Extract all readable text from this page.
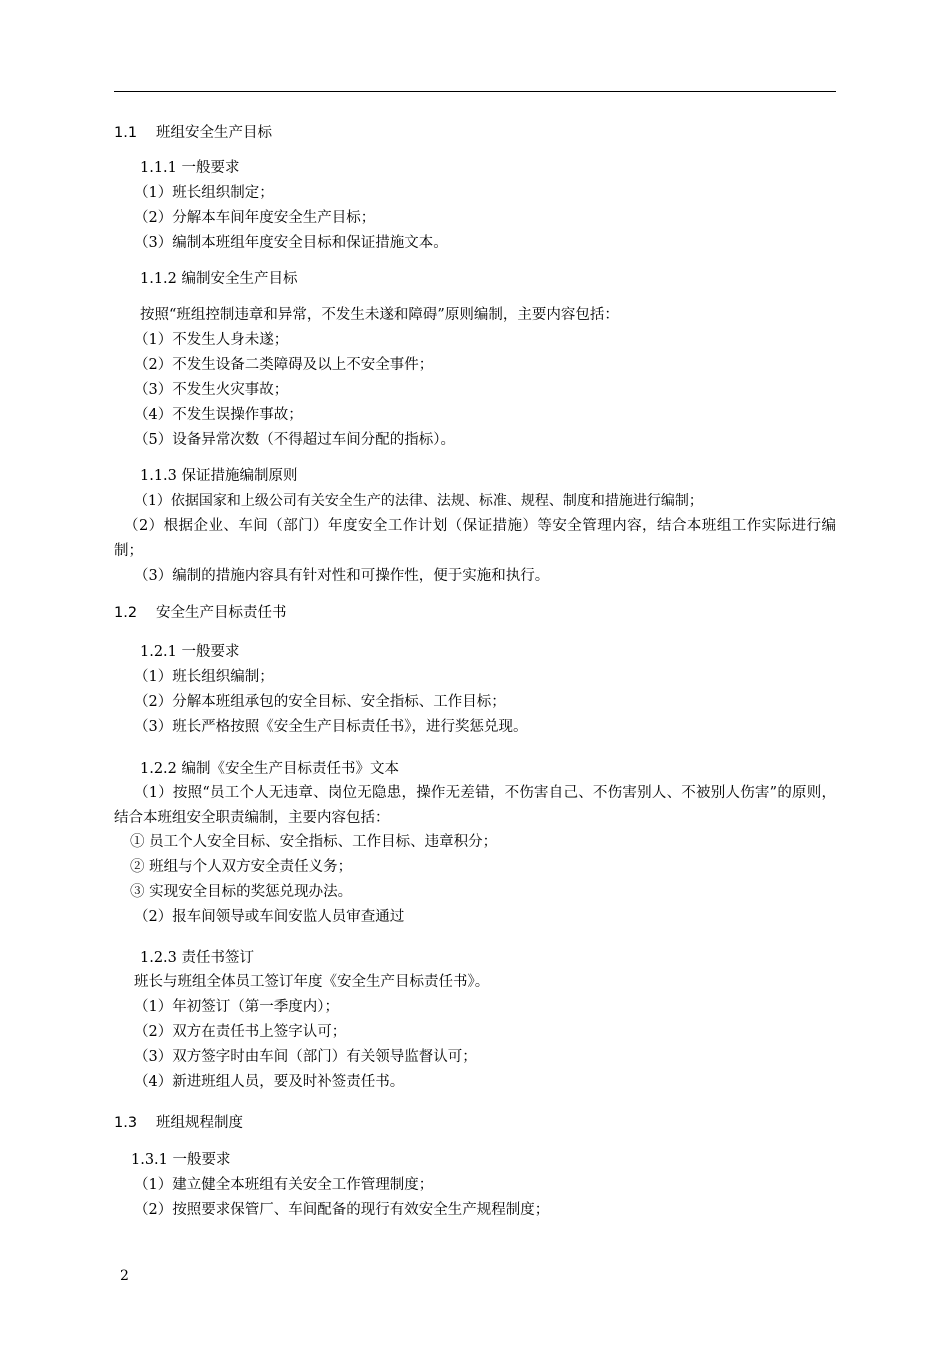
1.1 班组安全生产目标
1.1.1 一般要求
（1）班长组织制定；
（2）分解本车间年度安全生产目标；
（3）编制本班组年度安全目标和保证措施文本。
1.1.2 编制安全生产目标
按照“班组控制违章和异常，不发生未遂和障碍”原则编制，主要内容包括：
（1）不发生人身未遂；
（2）不发生设备二类障碍及以上不安全事件；
（3）不发生火灾事故；
（4）不发生误操作事故；
（5）设备异常次数（不得超过车间分配的指标）。
1.1.3 保证措施编制原则
（1）依据国家和上级公司有关安全生产的法律、法规、标准、规程、制度和措施进行编制；
（2）根据企业、车间（部门）年度安全工作计划（保证措施）等安全管理内容，结合本班组工作实际进行编制；
（3）编制的措施内容具有针对性和可操作性，便于实施和执行。
1.2 安全生产目标责任书
1.2.1 一般要求
（1）班长组织编制；
（2）分解本班组承包的安全目标、安全指标、工作目标；
（3）班长严格按照《安全生产目标责任书》，进行奖惩兑现。
1.2.2 编制《安全生产目标责任书》文本
（1）按照“员工个人无违章、岗位无隐患，操作无差错，不伤害自己、不伤害别人、不被别人伤害”的原则，结合本班组安全职责编制，主要内容包括：
① 员工个人安全目标、安全指标、工作目标、违章积分；
② 班组与个人双方安全责任义务；
③ 实现安全目标的奖惩兑现办法。
（2）报车间领导或车间安监人员审查通过
1.2.3 责任书签订
班长与班组全体员工签订年度《安全生产目标责任书》。
（1）年初签订（第一季度内）；
（2）双方在责任书上签字认可；
（3）双方签字时由车间（部门）有关领导监督认可；
（4）新进班组人员，要及时补签责任书。
1.3 班组规程制度
1.3.1 一般要求
（1）建立健全本班组有关安全工作管理制度；
（2）按照要求保管厂、车间配备的现行有效安全生产规程制度；
2
